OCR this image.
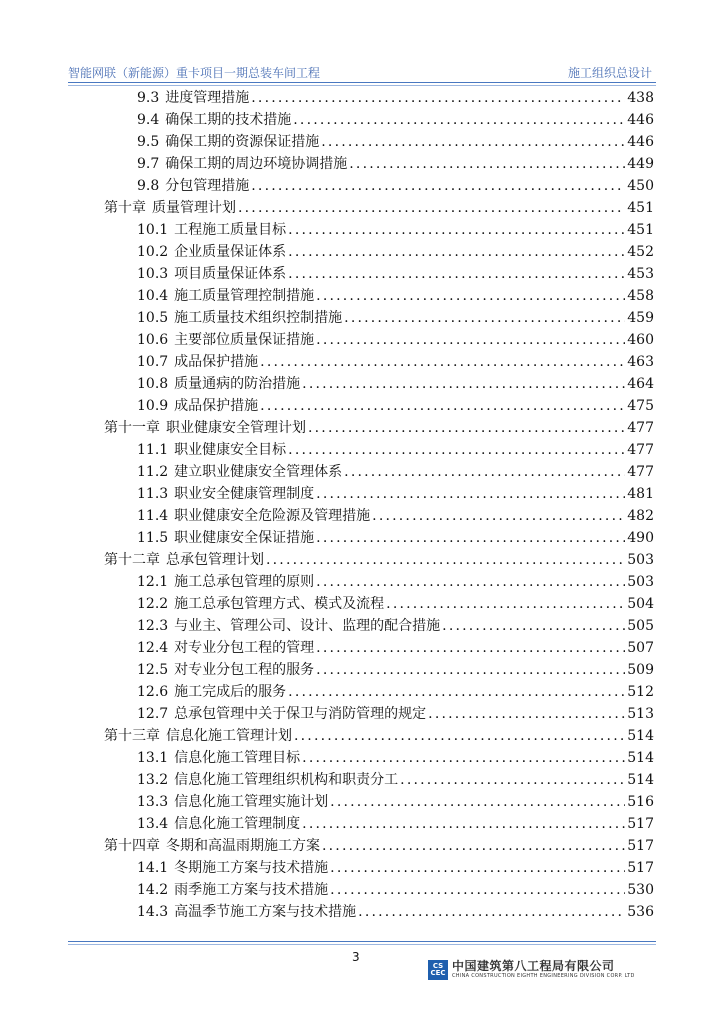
智能网联（新能源）重卡项目一期总装车间工程	施工组织总设计
9.3 进度管理措施 .....	438
9.4 确保工期的技术措施 .....	446
9.5 确保工期的资源保证措施 .....	446
9.7 确保工期的周边环境协调措施 .....	449
9.8 分包管理措施 .....	450
第十章 质量管理计划 .....	451
10.1 工程施工质量目标 .....	451
10.2 企业质量保证体系 .....	452
10.3 项目质量保证体系 .....	453
10.4 施工质量管理控制措施 .....	458
10.5 施工质量技术组织控制措施 .....	459
10.6 主要部位质量保证措施 .....	460
10.7 成品保护措施 .....	463
10.8 质量通病的防治措施 .....	464
10.9 成品保护措施 .....	475
第十一章 职业健康安全管理计划 .....	477
11.1 职业健康安全目标 .....	477
11.2 建立职业健康安全管理体系 .....	477
11.3 职业安全健康管理制度 .....	481
11.4 职业健康安全危险源及管理措施 .....	482
11.5 职业健康安全保证措施 .....	490
第十二章 总承包管理计划 .....	503
12.1 施工总承包管理的原则 .....	503
12.2 施工总承包管理方式、模式及流程 .....	504
12.3 与业主、管理公司、设计、监理的配合措施 .....	505
12.4 对专业分包工程的管理 .....	507
12.5 对专业分包工程的服务 .....	509
12.6 施工完成后的服务 .....	512
12.7 总承包管理中关于保卫与消防管理的规定 .....	513
第十三章 信息化施工管理计划 .....	514
13.1 信息化施工管理目标 .....	514
13.2 信息化施工管理组织机构和职责分工 .....	514
13.3 信息化施工管理实施计划 .....	516
13.4 信息化施工管理制度 .....	517
第十四章 冬期和高温雨期施工方案 .....	517
14.1 冬期施工方案与技术措施 .....	517
14.2 雨季施工方案与技术措施 .....	530
14.3 高温季节施工方案与技术措施 .....	536
3
CS
CEC 中国建筑第八工程局有限公司
CHINA CONSTRUCTION EIGHTH ENGINEERING DIVISION CORP. LTD
